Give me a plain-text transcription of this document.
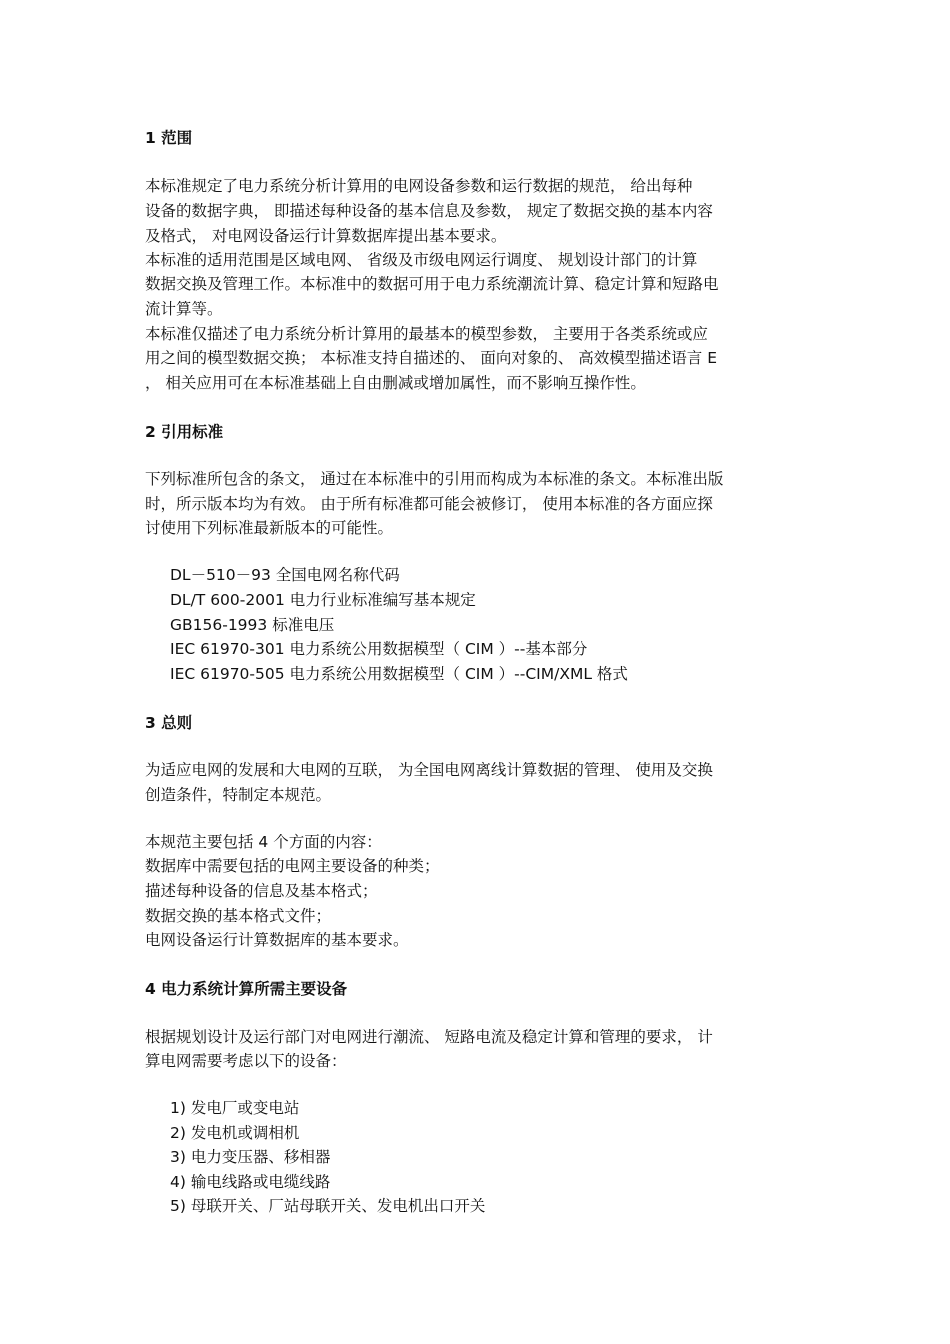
1 范围

本标准规定了电力系统分析计算用的电网设备参数和运行数据的规范， 给出每种

设备的数据字典， 即描述每种设备的基本信息及参数， 规定了数据交换的基本内容

及格式， 对电网设备运行计算数据库提出基本要求。

本标准的适用范围是区域电网、 省级及市级电网运行调度、 规划设计部门的计算

数据交换及管理工作。本标准中的数据可用于电力系统潮流计算、稳定计算和短路电

流计算等。

本标准仅描述了电力系统分析计算用的最基本的模型参数， 主要用于各类系统或应

用之间的模型数据交换； 本标准支持自描述的、 面向对象的、 高效模型描述语言 E

， 相关应用可在本标准基础上自由删减或增加属性，而不影响互操作性。

2 引用标准

下列标准所包含的条文， 通过在本标准中的引用而构成为本标准的条文。本标准出版

时，所示版本均为有效。 由于所有标准都可能会被修订， 使用本标准的各方面应探

讨使用下列标准最新版本的可能性。

DL－510－93 全国电网名称代码

DL/T 600-2001 电力行业标准编写基本规定

GB156-1993 标准电压

IEC 61970-301 电力系统公用数据模型（ CIM ）--基本部分

IEC 61970-505 电力系统公用数据模型（ CIM ）--CIM/XML 格式

3 总则

为适应电网的发展和大电网的互联， 为全国电网离线计算数据的管理、 使用及交换

创造条件，特制定本规范。

本规范主要包括 4 个方面的内容：

数据库中需要包括的电网主要设备的种类；

描述每种设备的信息及基本格式；

数据交换的基本格式文件；

电网设备运行计算数据库的基本要求。

4 电力系统计算所需主要设备

根据规划设计及运行部门对电网进行潮流、 短路电流及稳定计算和管理的要求， 计

算电网需要考虑以下的设备：

1) 发电厂或变电站

2) 发电机或调相机

3) 电力变压器、移相器

4) 输电线路或电缆线路

5) 母联开关、厂站母联开关、发电机出口开关
